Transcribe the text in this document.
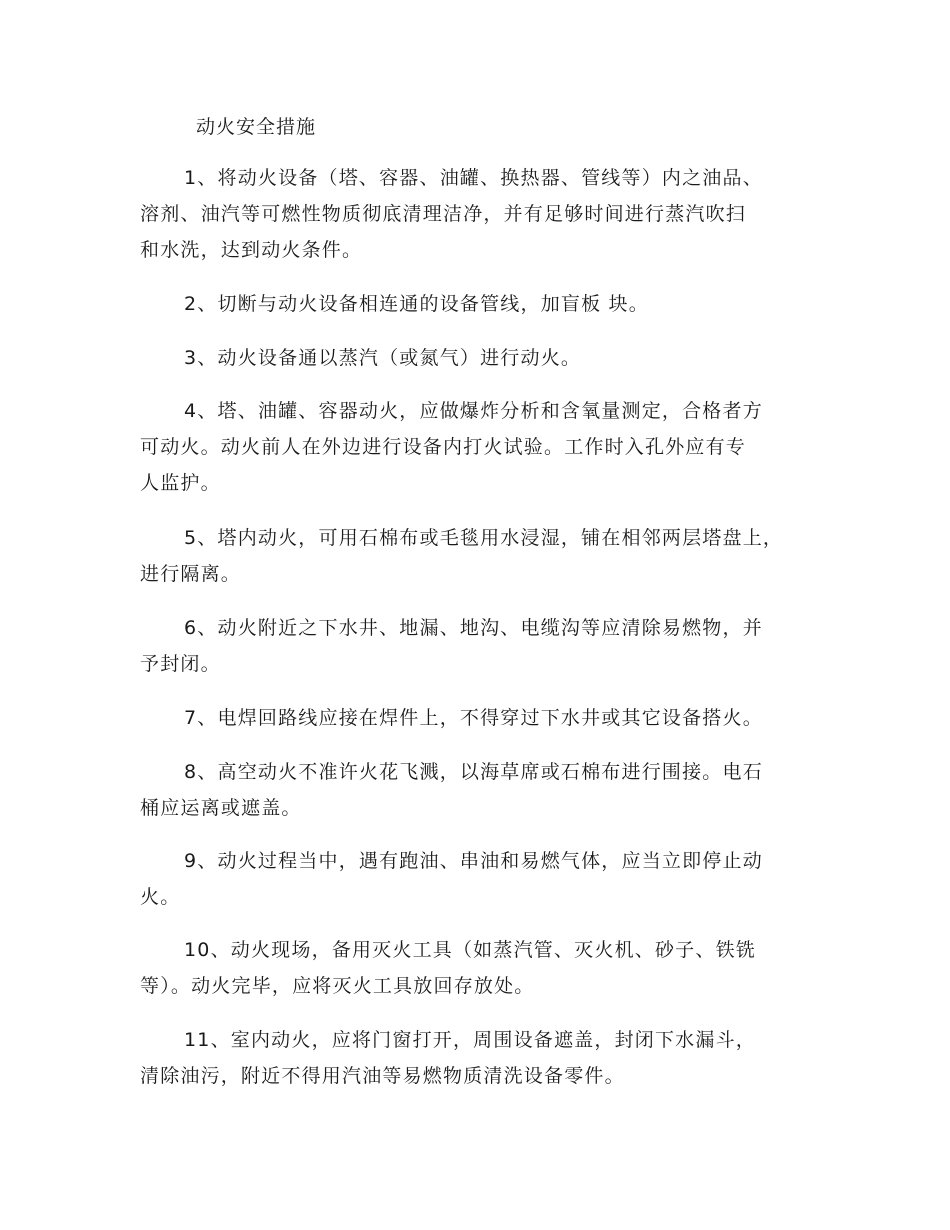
动火安全措施
1、将动火设备（塔、容器、油罐、换热器、管线等）内之油品、
溶剂、油汽等可燃性物质彻底清理洁净，并有足够时间进行蒸汽吹扫
和水洗，达到动火条件。
2、切断与动火设备相连通的设备管线，加盲板 块。
3、动火设备通以蒸汽（或氮气）进行动火。
4、塔、油罐、容器动火，应做爆炸分析和含氧量测定，合格者方
可动火。动火前人在外边进行设备内打火试验。工作时入孔外应有专
人监护。
5、塔内动火，可用石棉布或毛毯用水浸湿，铺在相邻两层塔盘上，
进行隔离。
6、动火附近之下水井、地漏、地沟、电缆沟等应清除易燃物，并
予封闭。
7、电焊回路线应接在焊件上，不得穿过下水井或其它设备搭火。
8、高空动火不准许火花飞溅，以海草席或石棉布进行围接。电石
桶应运离或遮盖。
9、动火过程当中，遇有跑油、串油和易燃气体，应当立即停止动
火。
10、动火现场，备用灭火工具（如蒸汽管、灭火机、砂子、铁铣
等）。动火完毕，应将灭火工具放回存放处。
11、室内动火，应将门窗打开，周围设备遮盖，封闭下水漏斗，
清除油污，附近不得用汽油等易燃物质清洗设备零件。
